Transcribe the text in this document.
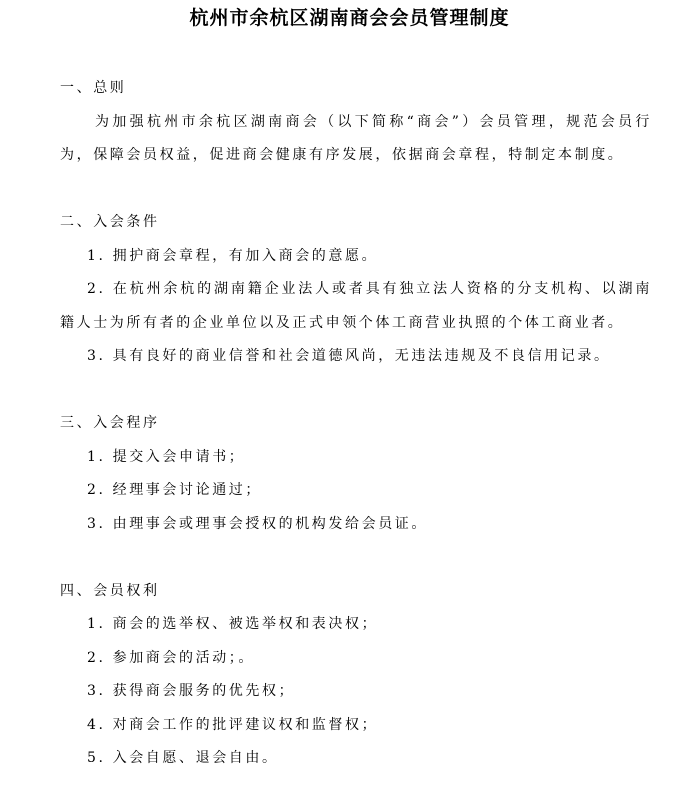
杭州市余杭区湖南商会会员管理制度

一、总则

为加强杭州市余杭区湖南商会（以下简称“商会”）会员管理，规范会员行为，保障会员权益，促进商会健康有序发展，依据商会章程，特制定本制度。

二、入会条件

1. 拥护商会章程，有加入商会的意愿。

2. 在杭州余杭的湖南籍企业法人或者具有独立法人资格的分支机构、以湖南籍人士为所有者的企业单位以及正式申领个体工商营业执照的个体工商业者。

3. 具有良好的商业信誉和社会道德风尚，无违法违规及不良信用记录。

三、入会程序

1. 提交入会申请书；

2. 经理事会讨论通过；

3. 由理事会或理事会授权的机构发给会员证。

四、会员权利

1. 商会的选举权、被选举权和表决权；

2. 参加商会的活动；。

3. 获得商会服务的优先权；

4. 对商会工作的批评建议权和监督权；

5. 入会自愿、退会自由。
